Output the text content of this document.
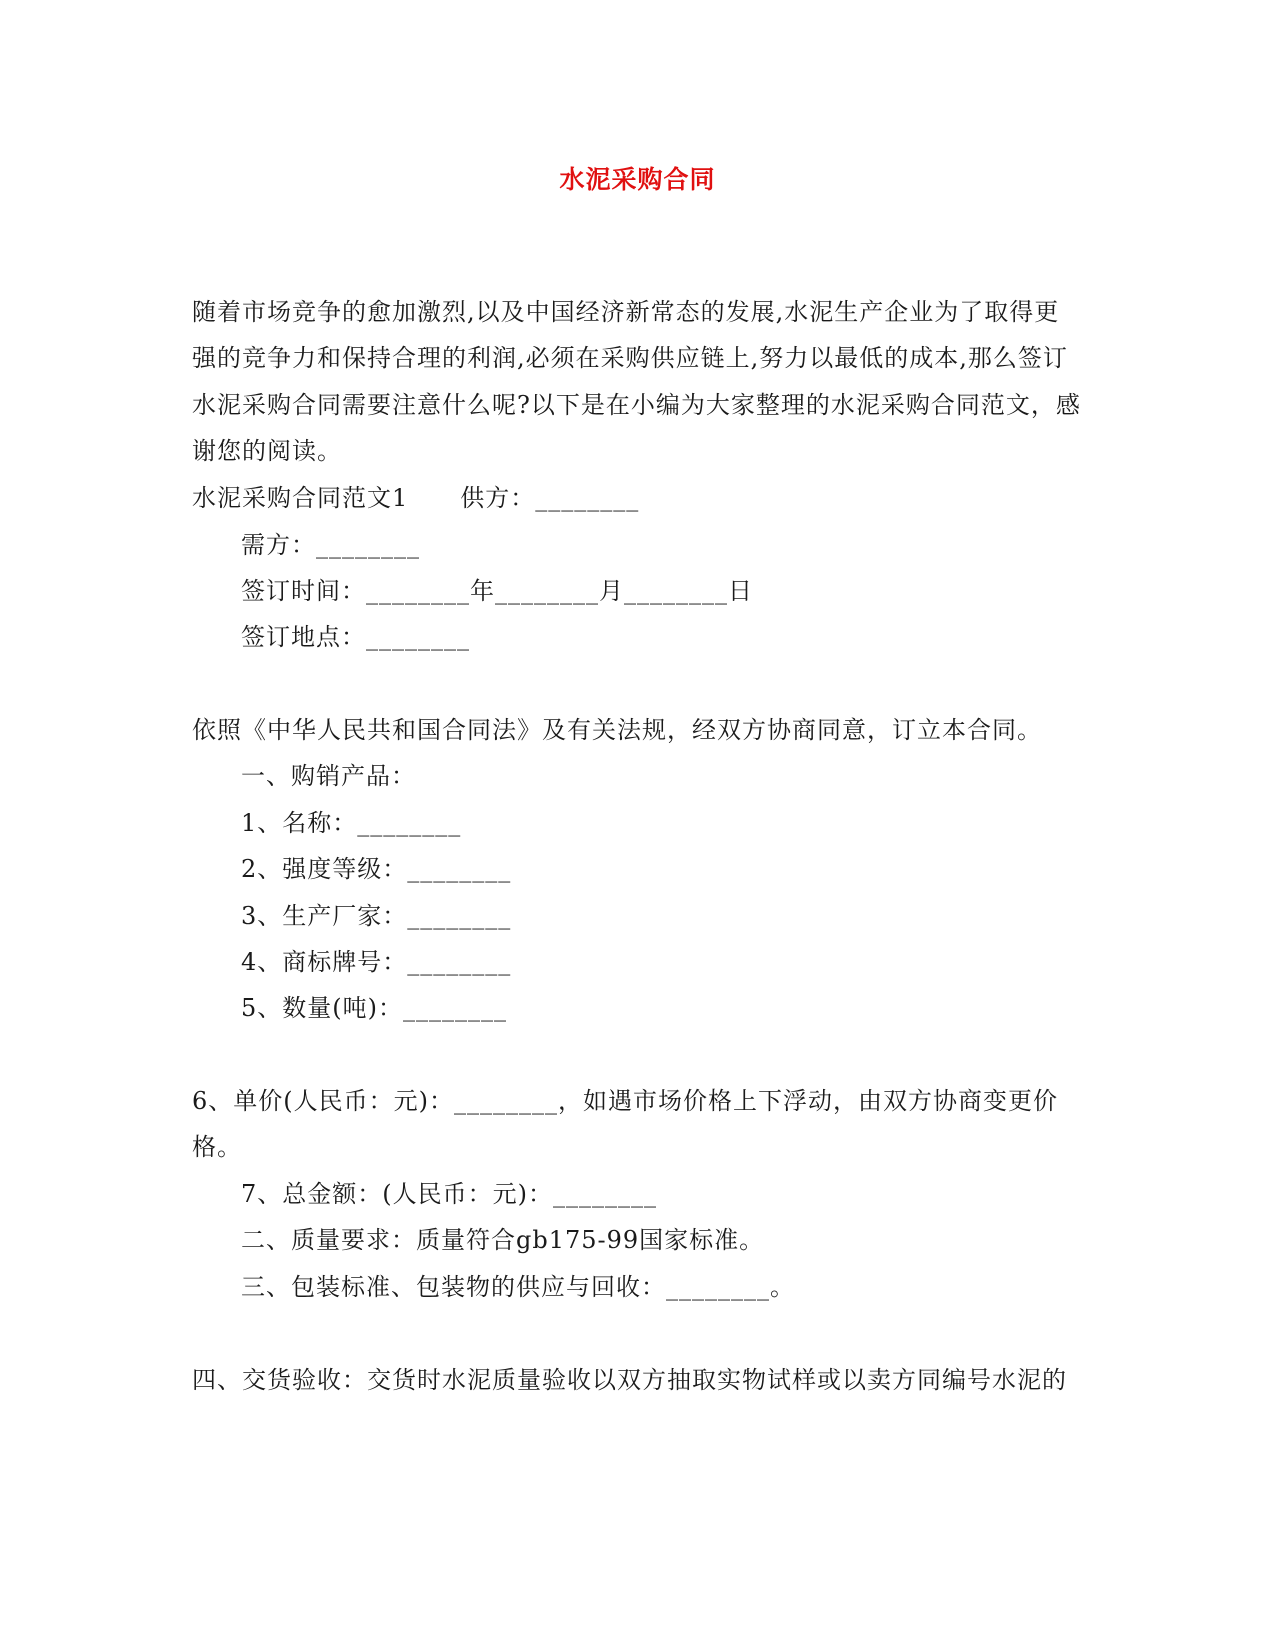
水泥采购合同
随着市场竞争的愈加激烈,以及中国经济新常态的发展,水泥生产企业为了取得更
强的竞争力和保持合理的利润,必须在采购供应链上,努力以最低的成本,那么签订
水泥采购合同需要注意什么呢?以下是在小编为大家整理的水泥采购合同范文，感
谢您的阅读。
水泥采购合同范文1 供方：________
需方：________
签订时间：________年________月________日
签订地点：________
依照《中华人民共和国合同法》及有关法规，经双方协商同意，订立本合同。
一、购销产品：
1、名称：________
2、强度等级：________
3、生产厂家：________
4、商标牌号：________
5、数量(吨)：________
6、单价(人民币：元)：________，如遇市场价格上下浮动，由双方协商变更价
格。
7、总金额：(人民币：元)：________
二、质量要求：质量符合gb175-99国家标准。
三、包装标准、包装物的供应与回收：________。
四、交货验收：交货时水泥质量验收以双方抽取实物试样或以卖方同编号水泥的
